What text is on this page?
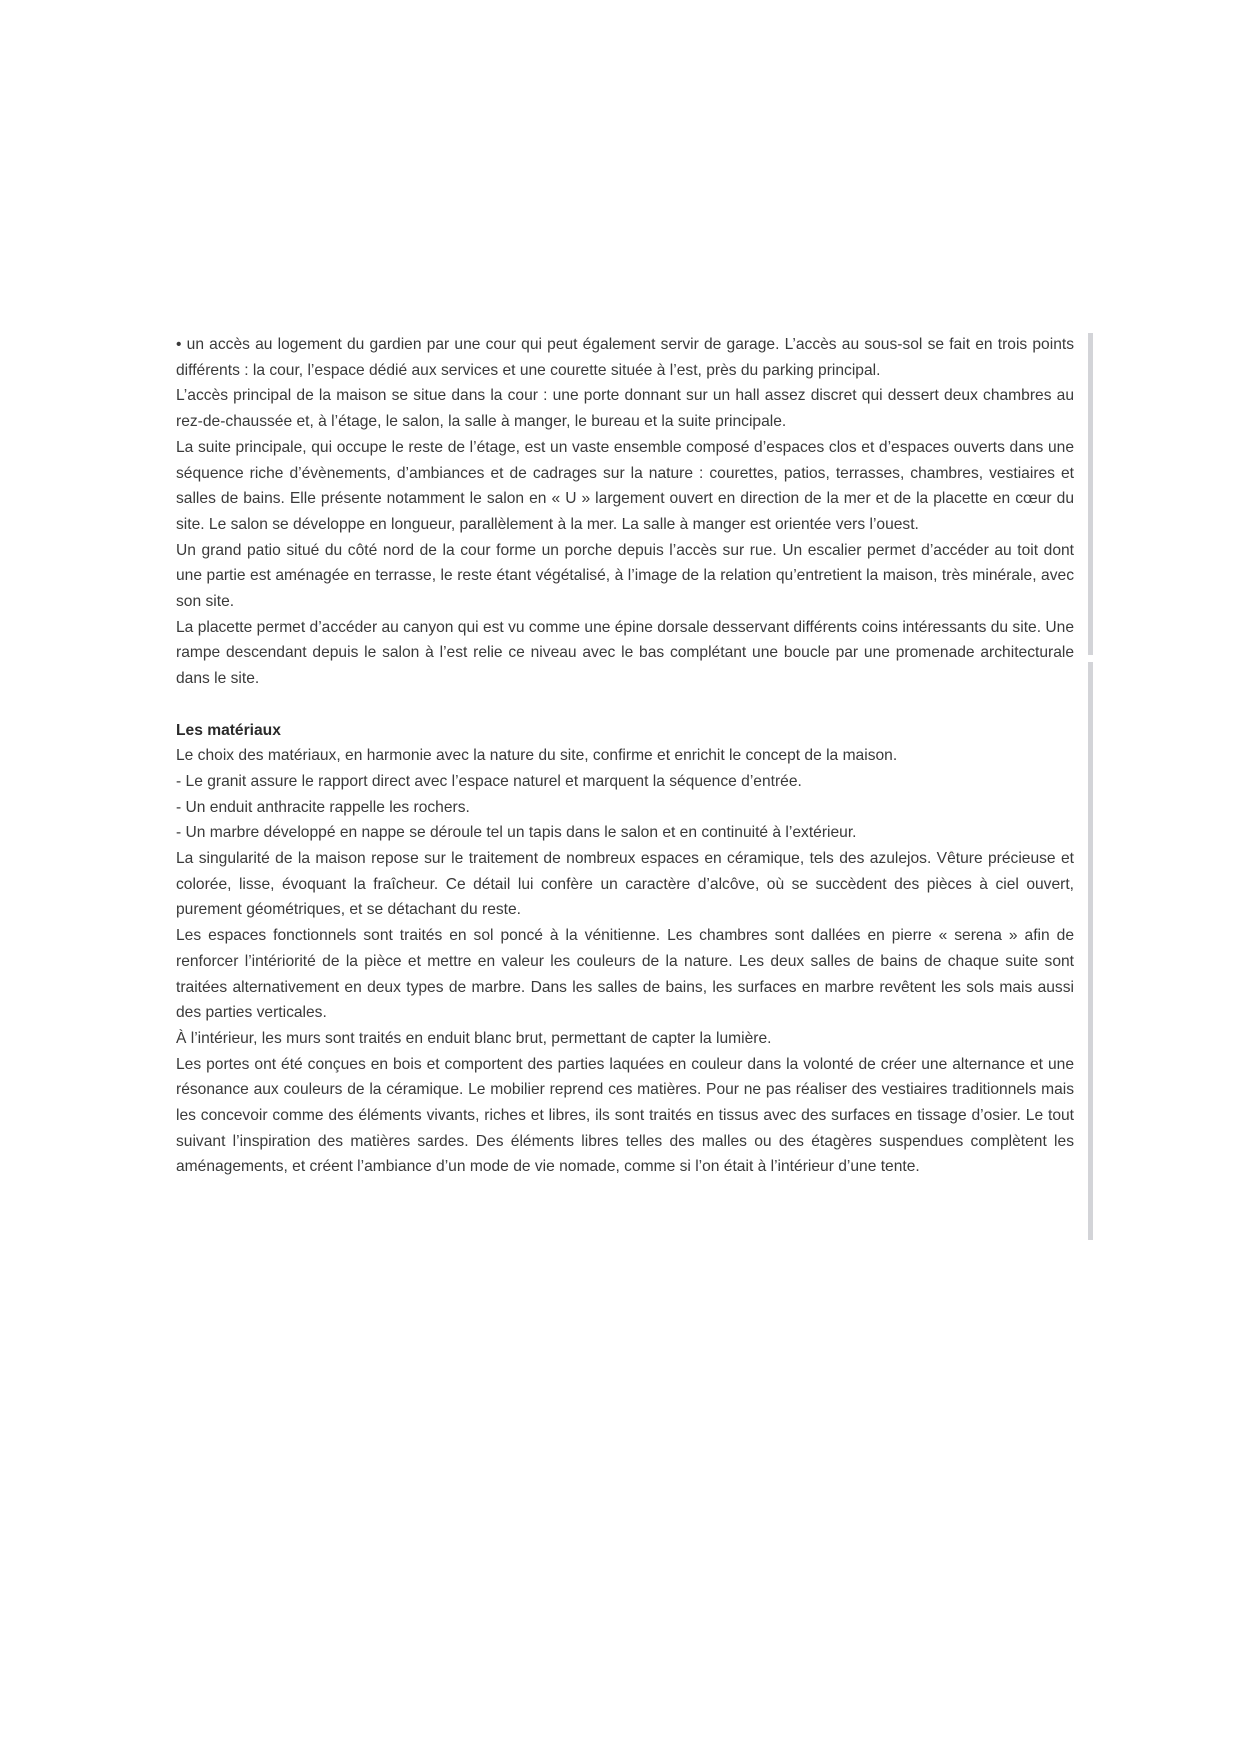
• un accès au logement du gardien par une cour qui peut également servir de garage. L’accès au sous-sol se fait en trois points différents : la cour, l’espace dédié aux services et une courette située à l’est, près du parking principal.

L’accès principal de la maison se situe dans la cour : une porte donnant sur un hall assez discret qui dessert deux chambres au rez-de-chaussée et, à l’étage, le salon, la salle à manger, le bureau et la suite principale.

La suite principale, qui occupe le reste de l’étage, est un vaste ensemble composé d’espaces clos et d’espaces ouverts dans une séquence riche d’évènements, d’ambiances et de cadrages sur la nature : courettes, patios, terrasses, chambres, vestiaires et salles de bains. Elle présente notamment le salon en « U » largement ouvert en direction de la mer et de la placette en cœur du site. Le salon se développe en longueur, parallèlement à la mer. La salle à manger est orientée vers l’ouest.

Un grand patio situé du côté nord de la cour forme un porche depuis l’accès sur rue. Un escalier permet d’accéder au toit dont une partie est aménagée en terrasse, le reste étant végétalisé, à l’image de la relation qu’entretient la maison, très minérale, avec son site.

La placette permet d’accéder au canyon qui est vu comme une épine dorsale desservant différents coins intéressants du site. Une rampe descendant depuis le salon à l’est relie ce niveau avec le bas complétant une boucle par une promenade architecturale dans le site.

Les matériaux

Le choix des matériaux, en harmonie avec la nature du site, confirme et enrichit le concept de la maison.

- Le granit assure le rapport direct avec l’espace naturel et marquent la séquence d’entrée.

- Un enduit anthracite rappelle les rochers.

- Un marbre développé en nappe se déroule tel un tapis dans le salon et en continuité à l’extérieur.

La singularité de la maison repose sur le traitement de nombreux espaces en céramique, tels des azulejos. Vêture précieuse et colorée, lisse, évoquant la fraîcheur. Ce détail lui confère un caractère d’alcôve, où se succèdent des pièces à ciel ouvert, purement géométriques, et se détachant du reste.

Les espaces fonctionnels sont traités en sol poncé à la vénitienne. Les chambres sont dallées en pierre « serena » afin de renforcer l’intériorité de la pièce et mettre en valeur les couleurs de la nature. Les deux salles de bains de chaque suite sont traitées alternativement en deux types de marbre. Dans les salles de bains, les surfaces en marbre revêtent les sols mais aussi des parties verticales.

À l’intérieur, les murs sont traités en enduit blanc brut, permettant de capter la lumière.

Les portes ont été conçues en bois et comportent des parties laquées en couleur dans la volonté de créer une alternance et une résonance aux couleurs de la céramique. Le mobilier reprend ces matières. Pour ne pas réaliser des vestiaires traditionnels mais les concevoir comme des éléments vivants, riches et libres, ils sont traités en tissus avec des surfaces en tissage d’osier. Le tout suivant l’inspiration des matières sardes. Des éléments libres telles des malles ou des étagères suspendues complètent les aménagements, et créent l’ambiance d’un mode de vie nomade, comme si l’on était à l’intérieur d’une tente.
